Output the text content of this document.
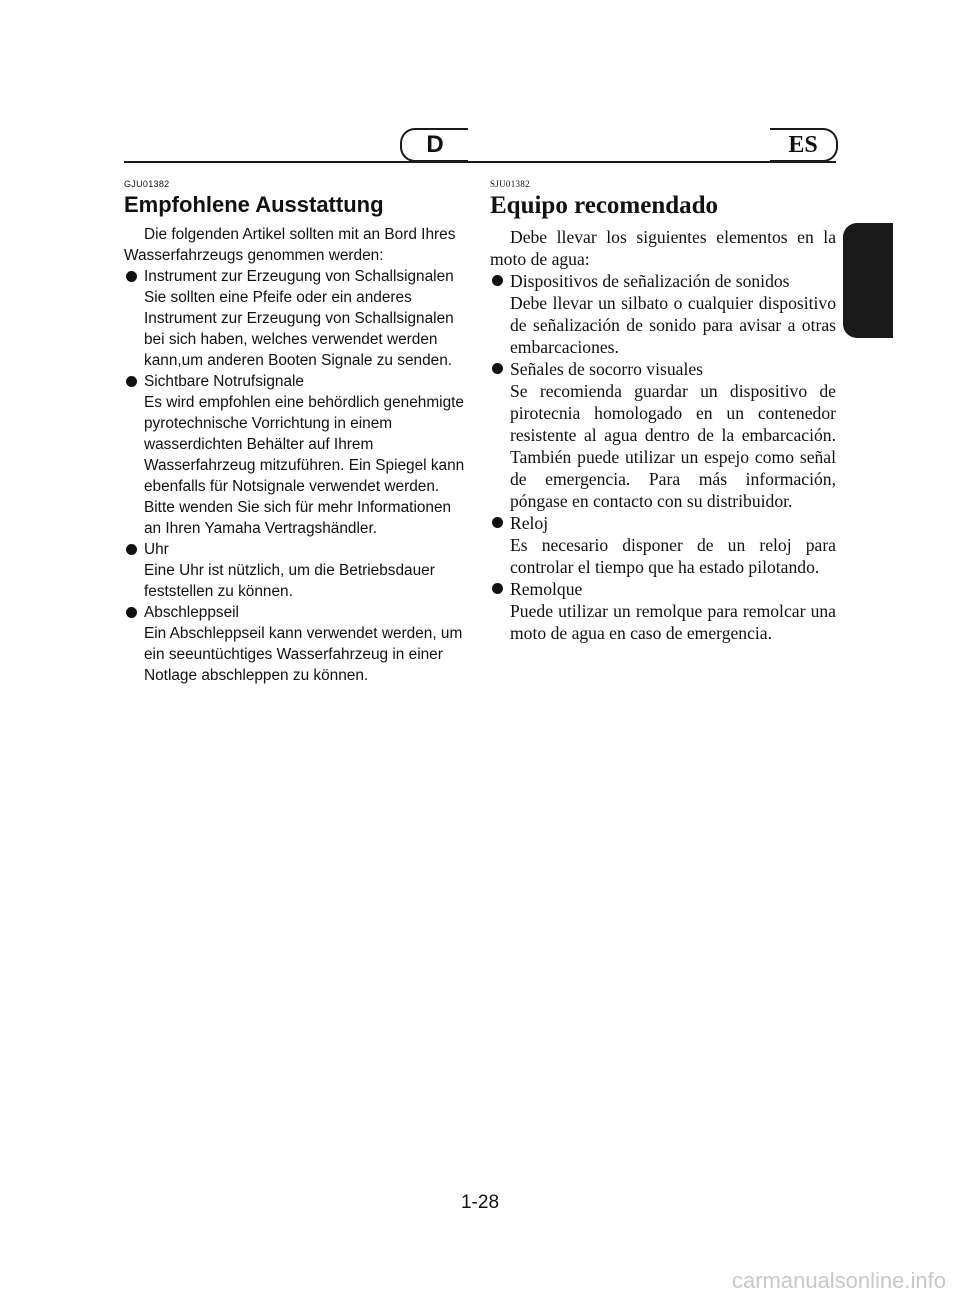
D	ES
GJU01382
Empfohlene Ausstattung

Die folgenden Artikel sollten mit an Bord Ihres Wasserfahrzeugs genommen werden:

Instrument zur Erzeugung von Schallsignalen
Sie sollten eine Pfeife oder ein anderes Instrument zur Erzeugung von Schallsignalen bei sich haben, welches verwendet werden kann,um anderen Booten Signale zu senden.
Sichtbare Notrufsignale
Es wird empfohlen eine behördlich genehmigte pyrotechnische Vorrichtung in einem wasserdichten Behälter auf Ihrem Wasserfahrzeug mitzuführen. Ein Spiegel kann ebenfalls für Notsignale verwendet werden. Bitte wenden Sie sich für mehr Informationen an Ihren Yamaha Vertragshändler.
Uhr
Eine Uhr ist nützlich, um die Betriebsdauer feststellen zu können.
Abschleppseil
Ein Abschleppseil kann verwendet werden, um ein seeuntüchtiges Wasserfahrzeug in einer Notlage abschleppen zu können.
SJU01382
Equipo recomendado

Debe llevar los siguientes elementos en la moto de agua:

Dispositivos de señalización de sonidos
Debe llevar un silbato o cualquier dispositivo de señalización de sonido para avisar a otras embarcaciones.
Señales de socorro visuales
Se recomienda guardar un dispositivo de pirotecnia homologado en un contenedor resistente al agua dentro de la embarcación. También puede utilizar un espejo como señal de emergencia. Para más información, póngase en contacto con su distribuidor.
Reloj
Es necesario disponer de un reloj para controlar el tiempo que ha estado pilotando.
Remolque
Puede utilizar un remolque para remolcar una moto de agua en caso de emergencia.
1-28
carmanualsonline.info
